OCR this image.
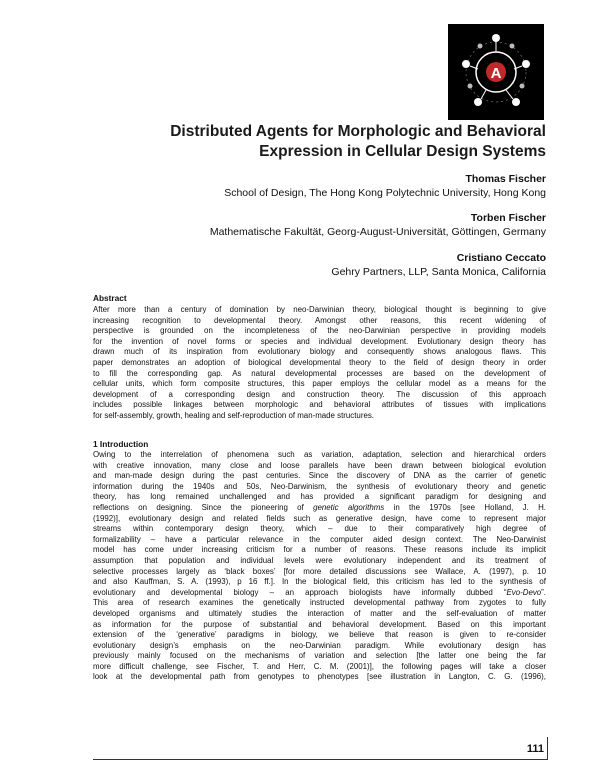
A
Distributed Agents for Morphologic and Behavioral
Expression in Cellular Design Systems
Thomas Fischer
School of Design, The Hong Kong Polytechnic University, Hong Kong
Torben Fischer
Mathematische Fakultät, Georg-August-Universität, Göttingen, Germany
Cristiano Ceccato
Gehry Partners, LLP, Santa Monica, California
Abstract
After more than a century of domination by neo-Darwinian theory, biological thought is beginning to give
increasing recognition to developmental theory. Amongst other reasons, this recent widening of
perspective is grounded on the incompleteness of the neo-Darwinian perspective in providing models
for the invention of novel forms or species and individual development. Evolutionary design theory has
drawn much of its inspiration from evolutionary biology and consequently shows analogous flaws. This
paper demonstrates an adoption of biological developmental theory to the field of design theory in order
to fill the corresponding gap. As natural developmental processes are based on the development of
cellular units, which form composite structures, this paper employs the cellular model as a means for the
development of a corresponding design and construction theory. The discussion of this approach
includes possible linkages between morphologic and behavioral attributes of tissues with implications
for self-assembly, growth, healing and self-reproduction of man-made structures.
1 Introduction
Owing to the interrelation of phenomena such as variation, adaptation, selection and hierarchical orders
with creative innovation, many close and loose parallels have been drawn between biological evolution
and man-made design during the past centuries. Since the discovery of DNA as the carrier of genetic
information during the 1940s and 50s, Neo-Darwinism, the synthesis of evolutionary theory and genetic
theory, has long remained unchallenged and has provided a significant paradigm for designing and
reflections on designing. Since the pioneering of genetic algorithms in the 1970s [see Holland, J. H.
(1992)], evolutionary design and related fields such as generative design, have come to represent major
streams within contemporary design theory, which – due to their comparatively high degree of
formalizability – have a particular relevance in the computer aided design context. The Neo-Darwinist
model has come under increasing criticism for a number of reasons. These reasons include its implicit
assumption that population and individual levels were evolutionary independent and its treatment of
selective processes largely as ‘black boxes’ [for more detailed discussions see Wallace, A. (1997), p. 10
and also Kauffman, S. A. (1993), p 16 ff.]. In the biological field, this criticism has led to the synthesis of
evolutionary and developmental biology – an approach biologists have informally dubbed “Evo-Devo”.
This area of research examines the genetically instructed developmental pathway from zygotes to fully
developed organisms and ultimately studies the interaction of matter and the self-evaluation of matter
as information for the purpose of substantial and behavioral development. Based on this important
extension of the ‘generative’ paradigms in biology, we believe that reason is given to re-consider
evolutionary design’s emphasis on the neo-Darwinian paradigm. While evolutionary design has
previously mainly focused on the mechanisms of variation and selection [the latter one being the far
more difficult challenge, see Fischer, T. and Herr, C. M. (2001)], the following pages will take a closer
look at the developmental path from genotypes to phenotypes [see illustration in Langton, C. G. (1996),
111
